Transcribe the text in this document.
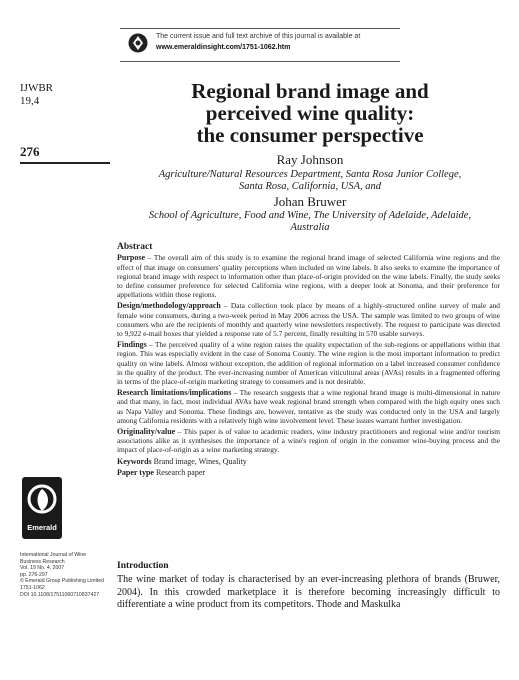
The current issue and full text archive of this journal is available at
www.emeraldinsight.com/1751-1062.htm
IJWBR
19,4
276
Regional brand image and
perceived wine quality:
the consumer perspective
Ray Johnson
Agriculture/Natural Resources Department, Santa Rosa Junior College,
Santa Rosa, California, USA, and
Johan Bruwer
School of Agriculture, Food and Wine, The University of Adelaide, Adelaide,
Australia
Abstract

Purpose – The overall aim of this study is to examine the regional brand image of selected California wine regions and the effect of that image on consumers' quality perceptions when included on wine labels. It also seeks to examine the importance of regional brand image with respect to information other than place-of-origin provided on the wine labels. Finally, the study seeks to define consumer preference for selected California wine regions, with a deeper look at Sonoma, and their preference for appellations within those regions.

Design/methodology/approach – Data collection took place by means of a highly-structured online survey of male and female wine consumers, during a two-week period in May 2006 across the USA. The sample was limited to two groups of wine consumers who are the recipients of monthly and quarterly wine newsletters respectively. The request to participate was directed to 9,922 e-mail boxes that yielded a response rate of 5.7 percent, finally resulting in 570 usable surveys.

Findings – The perceived quality of a wine region raises the quality expectation of the sub-regions or appellations within that region. This was especially evident in the case of Sonoma County. The wine region is the most important information to predict quality on wine labels. Almost without exception, the addition of regional information on a label increased consumer confidence in the quality of the product. The ever-increasing number of American viticultural areas (AVAs) results in a fragmented offering in terms of the place-of-origin marketing strategy to consumers and is not desirable.

Research limitations/implications – The research suggests that a wine regional brand image is multi-dimensional in nature and that many, in fact, most individual AVAs have weak regional brand strength when compared with the high equity ones such as Napa Valley and Sonoma. These findings are, however, tentative as the study was conducted only in the USA and largely among California residents with a relatively high wine involvement level. These issues warrant further investigation.

Originality/value – This paper is of value to academic readers, wine industry practitioners and regional wine and/or tourism associations alike as it synthesises the importance of a wine's region of origin in the consumer wine-buying process and the impact of place-of-origin as a wine marketing strategy.

Keywords Brand image, Wines, Quality

Paper type Research paper

Emerald
International Journal of Wine
Business Research
Vol. 19 No. 4, 2007
pp. 276-297
© Emerald Group Publishing Limited
1751-1062
DOI 10.1108/17511060710837427
Introduction
The wine market of today is characterised by an ever-increasing plethora of brands (Bruwer, 2004). In this crowded marketplace it is therefore becoming increasingly difficult to differentiate a wine product from its competitors. Thode and Maskulka
